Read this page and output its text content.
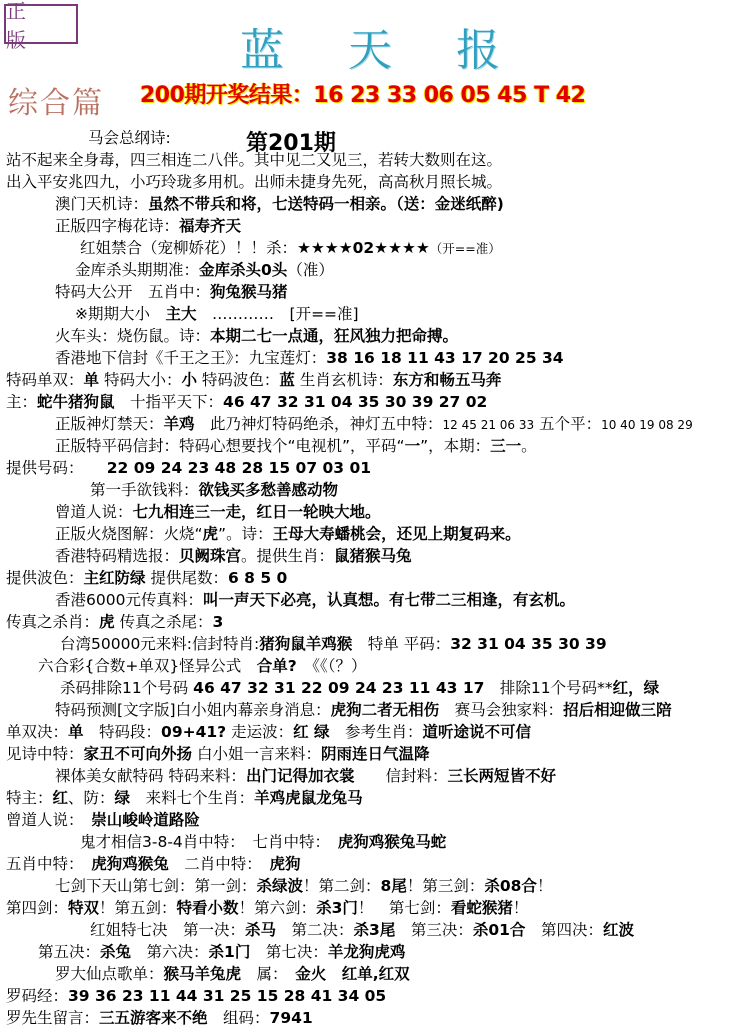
正 版	蓝 天 报
综合篇 200期开奖结果：16 23 33 06 05 45 T 42
第201期
马会总纲诗:
站不起来全身毒，四三相连二八伴。其中见二又见三，若转大数则在这。
出入平安兆四九，小巧玲珑多用机。出师未捷身先死，高高秋月照长城。
澳门天机诗：虽然不带兵和将，七送特码一相亲。（送：金迷纸醉)
正版四字梅花诗：福寿齐天
红姐禁合（宠柳娇花）！！杀：★★★★02★★★★（开==准）
金库杀头期期准：金库杀头0头（准）
特码大公开　五肖中：狗兔猴马猪
※期期大小　主大　…………　[开==准]
火车头：烧伤鼠。诗：本期二七一点通，狂风独力把命搏。
香港地下信封《千王之王》：九宝莲灯：38 16 18 11 43 17 20 25 34
特码单双：单 特码大小：小 特码波色：蓝 生肖玄机诗：东方和畅五马奔
主：蛇牛猪狗鼠　十指平天下：46 47 32 31 04 35 30 39 27 02
正版神灯禁天：羊鸡　此乃神灯特码绝杀，神灯五中特：12 45 21 06 33 五个平：10 40 19 08 29
正版特平码信封：特码心想要找个“电视机”，平码“一”，本期：三一。
提供号码：　　22 09 24 23 48 28 15 07 03 01
第一手欲钱料：欲钱买多愁善感动物
曾道人说：七九相连三一走，红日一轮映大地。
正版火烧图解：火烧“虎”。诗：王母大寿蟠桃会，还见上期复码来。
香港特码精选报：贝阙珠宫。提供生肖：鼠猪猴马兔
提供波色：主红防绿 提供尾数：6 8 5 0
香港6000元传真料：叫一声天下必亮，认真想。有七带二三相逢，有玄机。
传真之杀肖：虎 传真之杀尾：3
台湾50000元来料:信封特肖:猪狗鼠羊鸡猴　特单 平码：32 31 04 35 30 39
六合彩{合数+单双}怪异公式　合单?　《《（？）
杀码排除11个号码 46 47 32 31 22 09 24 23 11 43 17　排除11个号码**红，绿
特码预测[文字版]白小姐内幕亲身消息：虎狗二者无相伤　赛马会独家料：招后相迎做三陪
单双决：单　特码段：09+41? 走运波：红 绿　参考生肖：道听途说不可信
见诗中特：家丑不可向外扬 白小姐一言来料：阴雨连日气温降
裸体美女献特码 特码来料：出门记得加衣裳　　信封料：三长两短皆不好
特主：红、防：绿　来料七个生肖：羊鸡虎鼠龙兔马
曾道人说：　崇山峻岭道路险
鬼才相信3-8-4肖中特：　七肖中特：　虎狗鸡猴兔马蛇
五肖中特：　虎狗鸡猴兔　二肖中特：　虎狗
七剑下天山第七剑：第一剑：杀绿波！第二剑：8尾！第三剑：杀08合！
第四剑：特双！第五剑：特看小数！第六剑：杀3门！　第七剑：看蛇猴猪！
红姐特七决　第一决：杀马　第二决：杀3尾　第三决：杀01合　第四决：红波
第五决：杀兔　第六决：杀1门　第七决：羊龙狗虎鸡
罗大仙点歌单：猴马羊兔虎　属：　金火　红单,红双
罗码经：39 36 23 11 44 31 25 15 28 41 34 05
罗先生留言：三五游客来不绝　组码：7941
